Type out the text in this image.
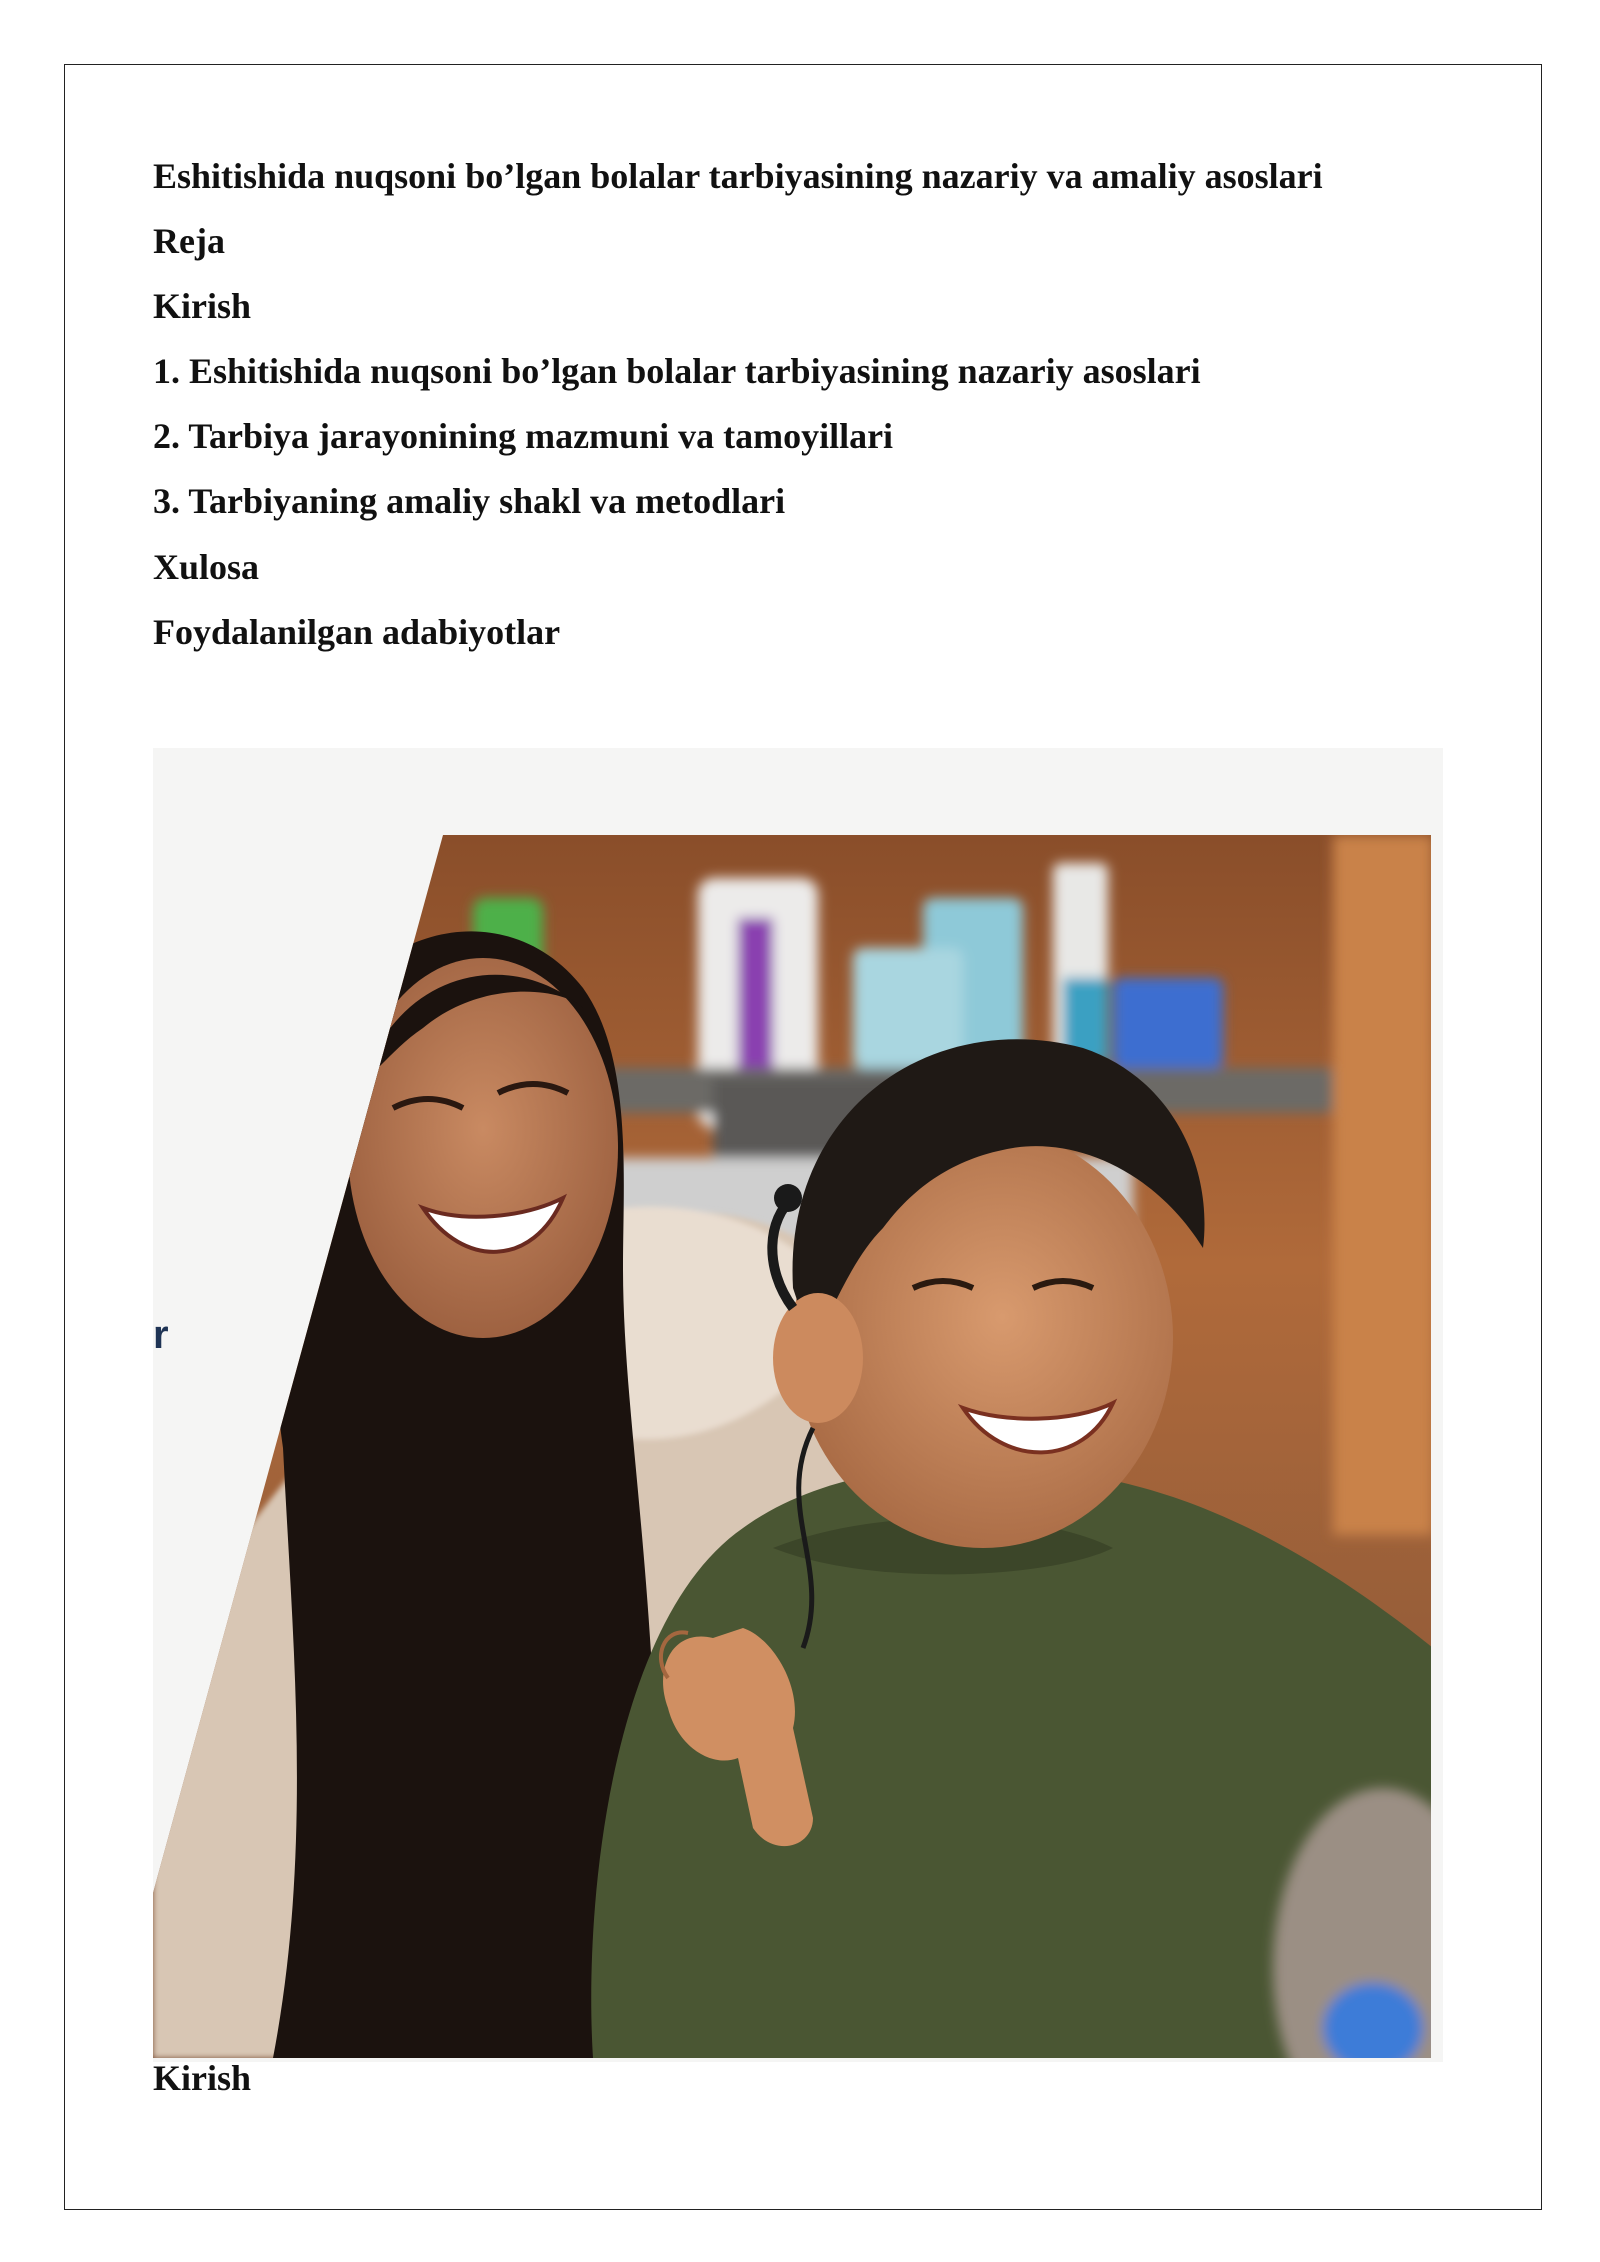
Eshitishida nuqsoni bo’lgan bolalar tarbiyasining nazariy va amaliy asoslari
Reja
Kirish
1. Eshitishida nuqsoni bo’lgan bolalar tarbiyasining nazariy asoslari
2. Tarbiya jarayonining mazmuni va tamoyillari
3. Tarbiyaning amaliy shakl va metodlari
Xulosa
Foydalanilgan adabiyotlar
r
Kirish
